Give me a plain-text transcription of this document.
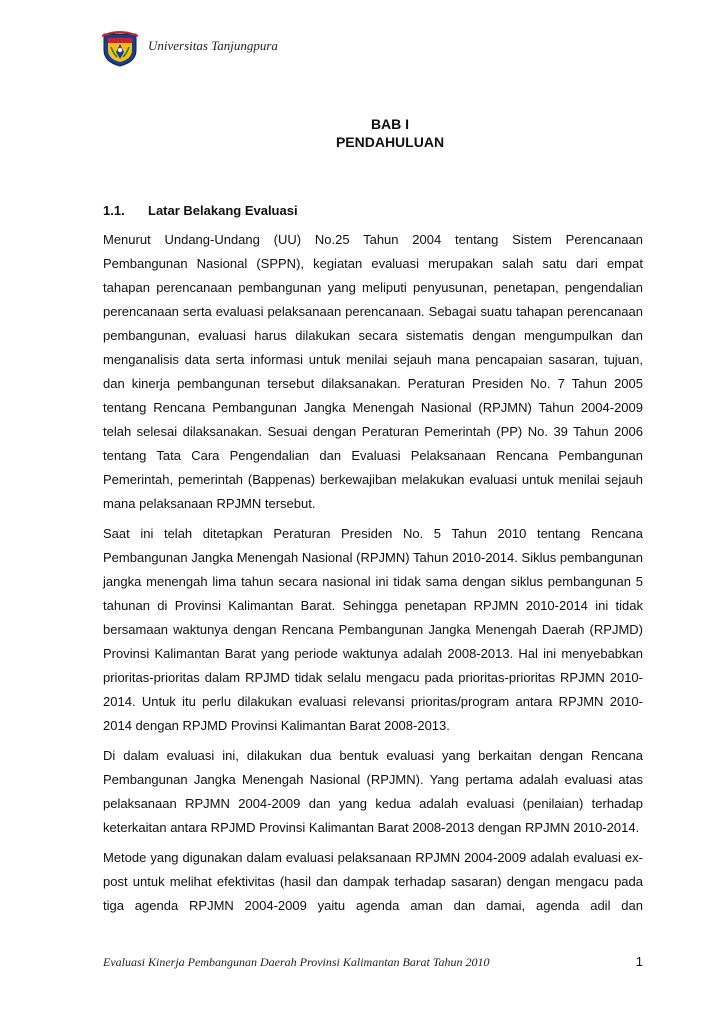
Universitas Tanjungpura
BAB I
PENDAHULUAN
1.1. Latar Belakang Evaluasi

Menurut Undang-Undang (UU) No.25 Tahun 2004 tentang Sistem Perencanaan Pembangunan Nasional (SPPN), kegiatan evaluasi merupakan salah satu dari empat tahapan perencanaan pembangunan yang meliputi penyusunan, penetapan, pengendalian perencanaan serta evaluasi pelaksanaan perencanaan. Sebagai suatu tahapan perencanaan pembangunan, evaluasi harus dilakukan secara sistematis dengan mengumpulkan dan menganalisis data serta informasi untuk menilai sejauh mana pencapaian sasaran, tujuan, dan kinerja pembangunan tersebut dilaksanakan. Peraturan Presiden No. 7 Tahun 2005 tentang Rencana Pembangunan Jangka Menengah Nasional (RPJMN) Tahun 2004-2009 telah selesai dilaksanakan. Sesuai dengan Peraturan Pemerintah (PP) No. 39 Tahun 2006 tentang Tata Cara Pengendalian dan Evaluasi Pelaksanaan Rencana Pembangunan Pemerintah, pemerintah (Bappenas) berkewajiban melakukan evaluasi untuk menilai sejauh mana pelaksanaan RPJMN tersebut.

Saat ini telah ditetapkan Peraturan Presiden No. 5 Tahun 2010 tentang Rencana Pembangunan Jangka Menengah Nasional (RPJMN) Tahun 2010-2014. Siklus pembangunan jangka menengah lima tahun secara nasional ini tidak sama dengan siklus pembangunan 5 tahunan di Provinsi Kalimantan Barat. Sehingga penetapan RPJMN 2010-2014 ini tidak bersamaan waktunya dengan Rencana Pembangunan Jangka Menengah Daerah (RPJMD) Provinsi Kalimantan Barat yang periode waktunya adalah 2008-2013. Hal ini menyebabkan prioritas-prioritas dalam RPJMD tidak selalu mengacu pada prioritas-prioritas RPJMN 2010-2014. Untuk itu perlu dilakukan evaluasi relevansi prioritas/program antara RPJMN 2010-2014 dengan RPJMD Provinsi Kalimantan Barat 2008-2013.

Di dalam evaluasi ini, dilakukan dua bentuk evaluasi yang berkaitan dengan Rencana Pembangunan Jangka Menengah Nasional (RPJMN). Yang pertama adalah evaluasi atas pelaksanaan RPJMN 2004-2009 dan yang kedua adalah evaluasi (penilaian) terhadap keterkaitan antara RPJMD Provinsi Kalimantan Barat 2008-2013 dengan RPJMN 2010-2014.

Metode yang digunakan dalam evaluasi pelaksanaan RPJMN 2004-2009 adalah evaluasi ex-post untuk melihat efektivitas (hasil dan dampak terhadap sasaran) dengan mengacu pada tiga agenda RPJMN 2004-2009 yaitu agenda aman dan damai, agenda adil dan

Evaluasi Kinerja Pembangunan Daerah Provinsi Kalimantan Barat Tahun 2010	1
